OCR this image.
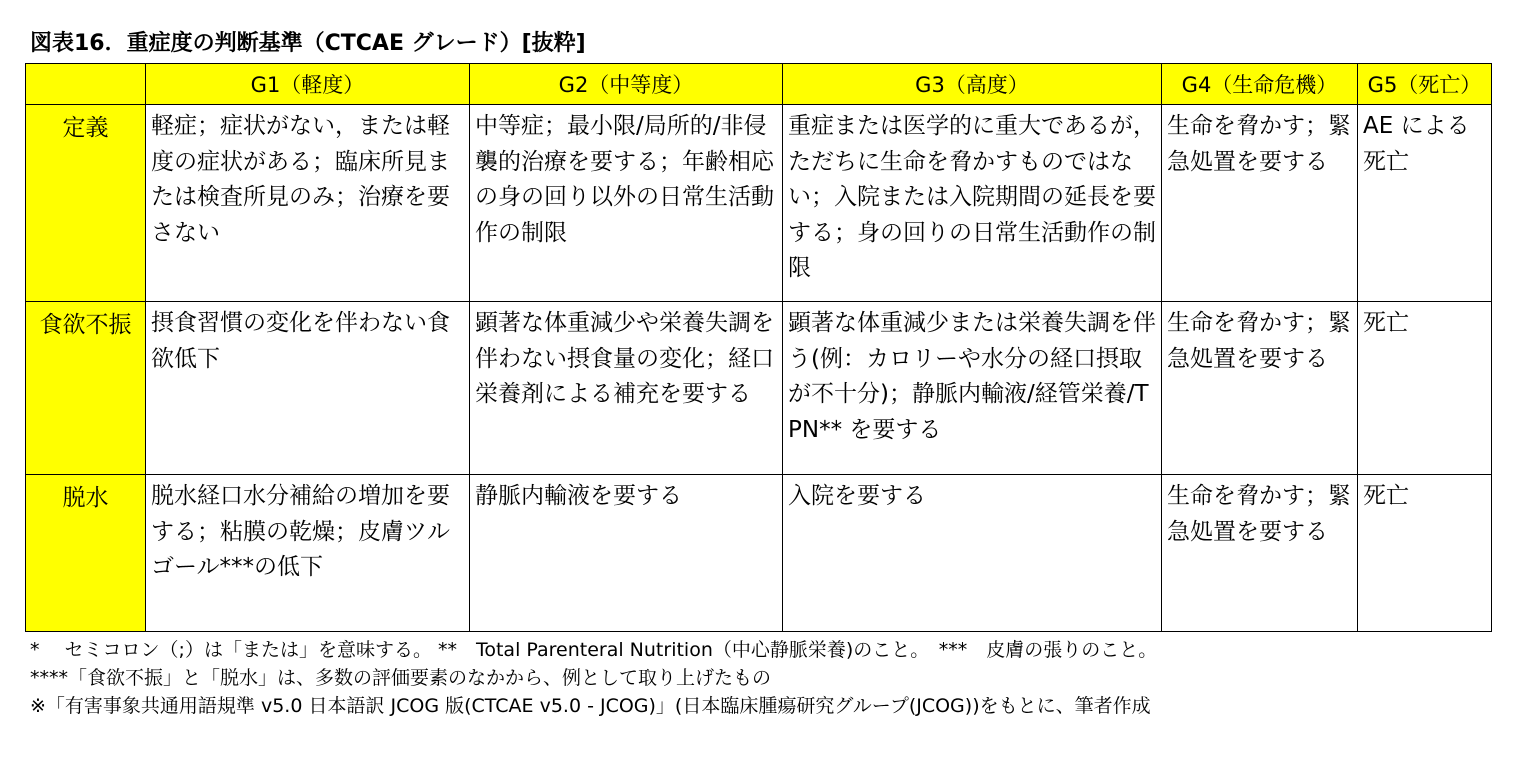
図表16．重症度の判断基準（CTCAE グレード）[抜粋]
	G1（軽度）	G2（中等度）	G3（高度）	G4（生命危機）	G5（死亡）
定義	軽症；症状がない，または軽度の症状がある；臨床所見または検査所見のみ；治療を要さない	中等症；最小限/局所的/非侵襲的治療を要する；年齢相応の身の回り以外の日常生活動作の制限	重症または医学的に重大であるが，ただちに生命を脅かすものではない；入院または入院期間の延長を要する；身の回りの日常生活動作の制限	生命を脅かす；緊急処置を要する	AE による死亡
食欲不振	摂食習慣の変化を伴わない食欲低下	顕著な体重減少や栄養失調を伴わない摂食量の変化；経口栄養剤による補充を要する	顕著な体重減少または栄養失調を伴う(例：カロリーや水分の経口摂取が不十分)；静脈内輸液/経管栄養/TPN** を要する	生命を脅かす；緊急処置を要する	死亡
脱水	脱水経口水分補給の増加を要する；粘膜の乾燥；皮膚ツルゴール***の低下	静脈内輸液を要する	入院を要する	生命を脅かす；緊急処置を要する	死亡
*　 セミコロン（;）は「または」を意味する。 **　Total Parenteral Nutrition（中心静脈栄養)のこと。　***　皮膚の張りのこと。
****「食欲不振」と「脱水」は、多数の評価要素のなかから、例として取り上げたもの
※「有害事象共通用語規準 v5.0 日本語訳 JCOG 版(CTCAE v5.0 - JCOG)」(日本臨床腫瘍研究グループ(JCOG))をもとに、筆者作成
